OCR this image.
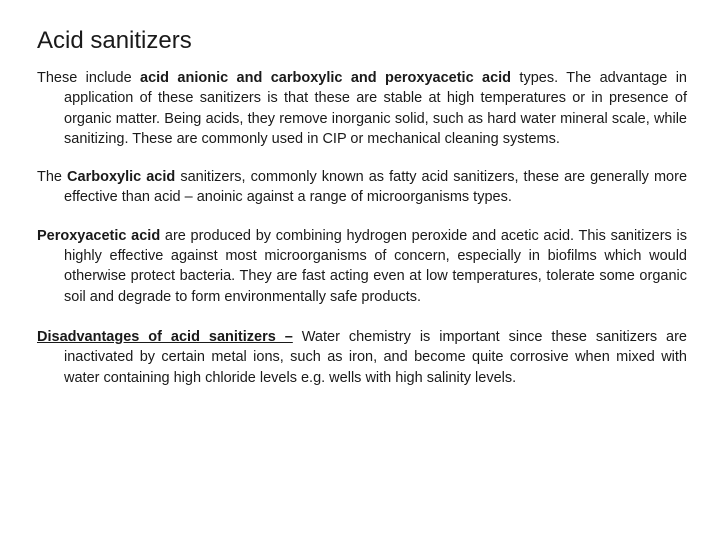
Acid sanitizers

These include acid anionic and carboxylic and peroxyacetic acid types. The advantage in application of these sanitizers is that these are stable at high temperatures or in presence of organic matter. Being acids, they remove inorganic solid, such as hard water mineral scale, while sanitizing. These are commonly used in CIP or mechanical cleaning systems.

The Carboxylic acid sanitizers, commonly known as fatty acid sanitizers, these are generally more effective than acid – anoinic against a range of microorganisms types.

Peroxyacetic acid are produced by combining hydrogen peroxide and acetic acid. This sanitizers is highly effective against most microorganisms of concern, especially in biofilms which would otherwise protect bacteria. They are fast acting even at low temperatures, tolerate some organic soil and degrade to form environmentally safe products.

Disadvantages of acid sanitizers – Water chemistry is important since these sanitizers are inactivated by certain metal ions, such as iron, and become quite corrosive when mixed with water containing high chloride levels e.g. wells with high salinity levels.
